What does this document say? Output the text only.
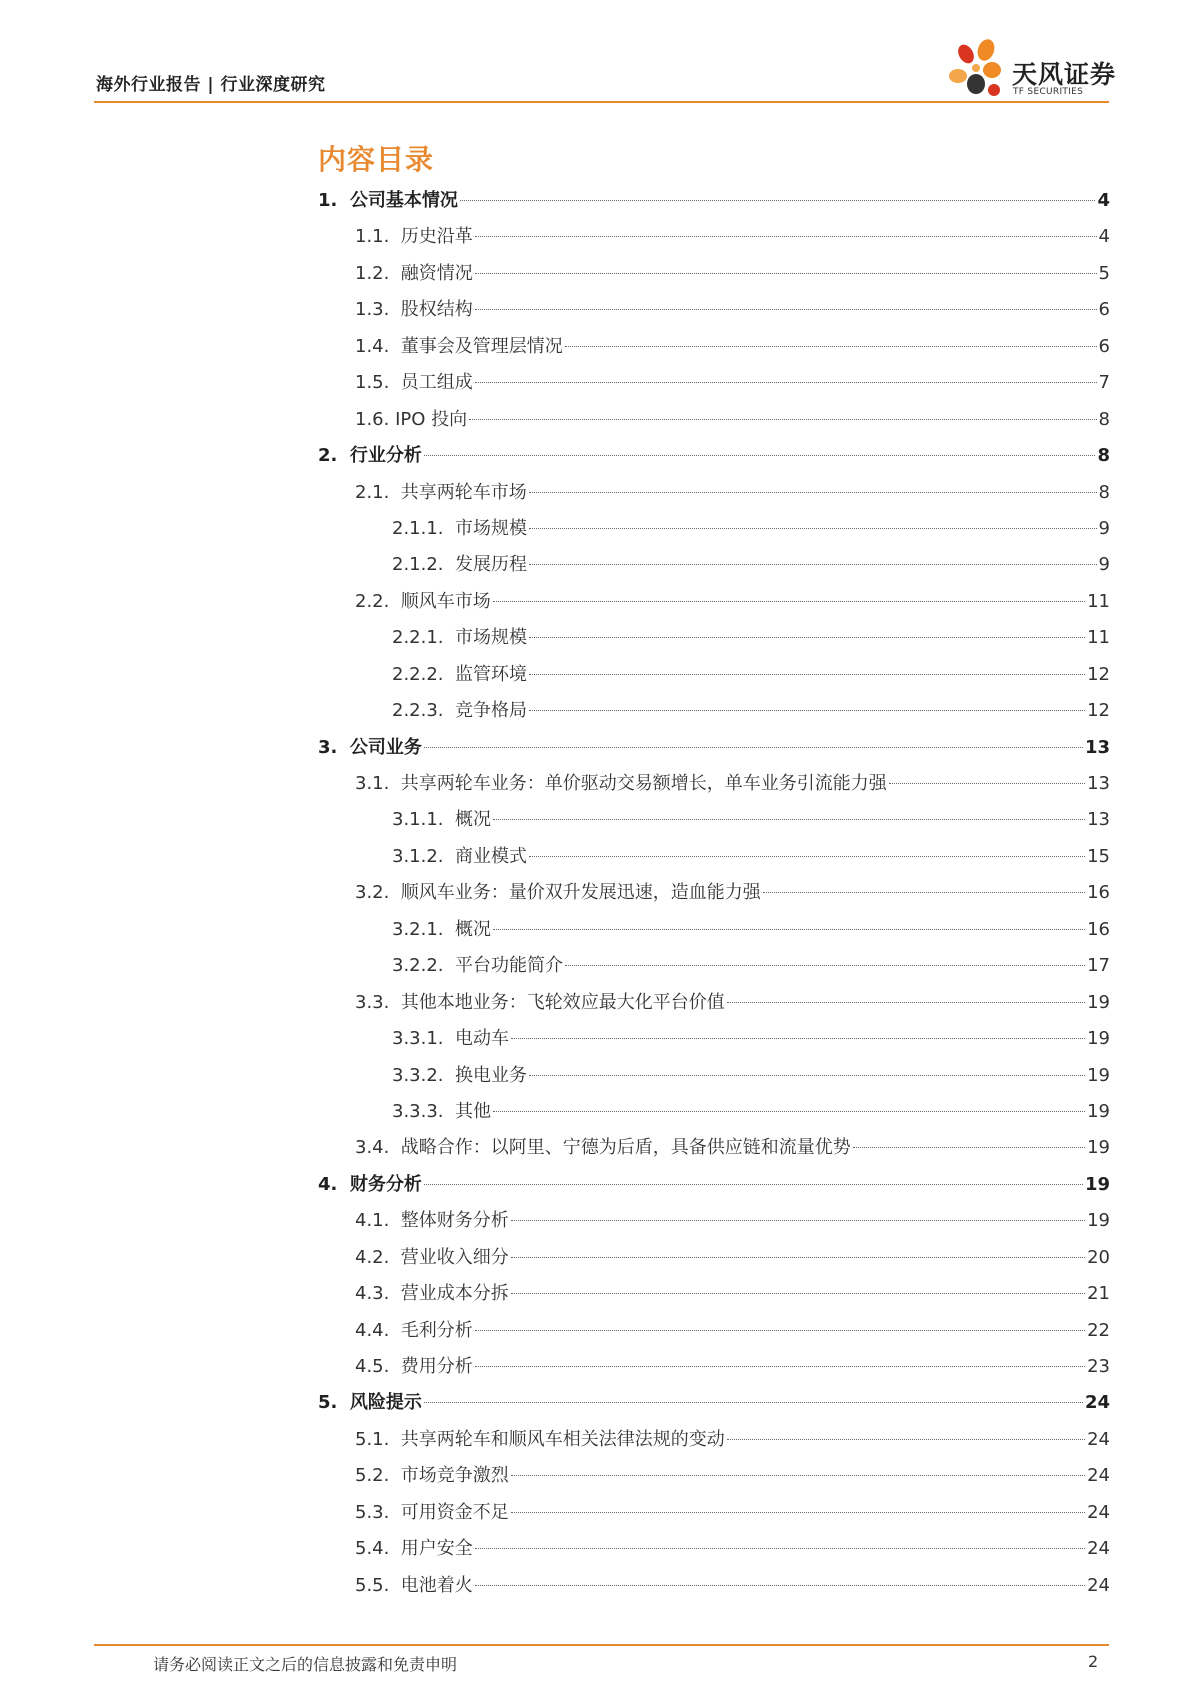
海外行业报告 | 行业深度研究	天风证券
TF SECURITIES
内容目录
1. 公司基本情况	4
1.1. 历史沿革	4
1.2. 融资情况	5
1.3. 股权结构	6
1.4. 董事会及管理层情况	6
1.5. 员工组成	7
1.6. IPO 投向	8
2. 行业分析	8
2.1. 共享两轮车市场	8
2.1.1. 市场规模	9
2.1.2. 发展历程	9
2.2. 顺风车市场	11
2.2.1. 市场规模	11
2.2.2. 监管环境	12
2.2.3. 竞争格局	12
3. 公司业务	13
3.1. 共享两轮车业务：单价驱动交易额增长，单车业务引流能力强	13
3.1.1. 概况	13
3.1.2. 商业模式	15
3.2. 顺风车业务：量价双升发展迅速，造血能力强	16
3.2.1. 概况	16
3.2.2. 平台功能简介	17
3.3. 其他本地业务：飞轮效应最大化平台价值	19
3.3.1. 电动车	19
3.3.2. 换电业务	19
3.3.3. 其他	19
3.4. 战略合作：以阿里、宁德为后盾，具备供应链和流量优势	19
4. 财务分析	19
4.1. 整体财务分析	19
4.2. 营业收入细分	20
4.3. 营业成本分拆	21
4.4. 毛利分析	22
4.5. 费用分析	23
5. 风险提示	24
5.1. 共享两轮车和顺风车相关法律法规的变动	24
5.2. 市场竞争激烈	24
5.3. 可用资金不足	24
5.4. 用户安全	24
5.5. 电池着火	24
请务必阅读正文之后的信息披露和免责申明	2
